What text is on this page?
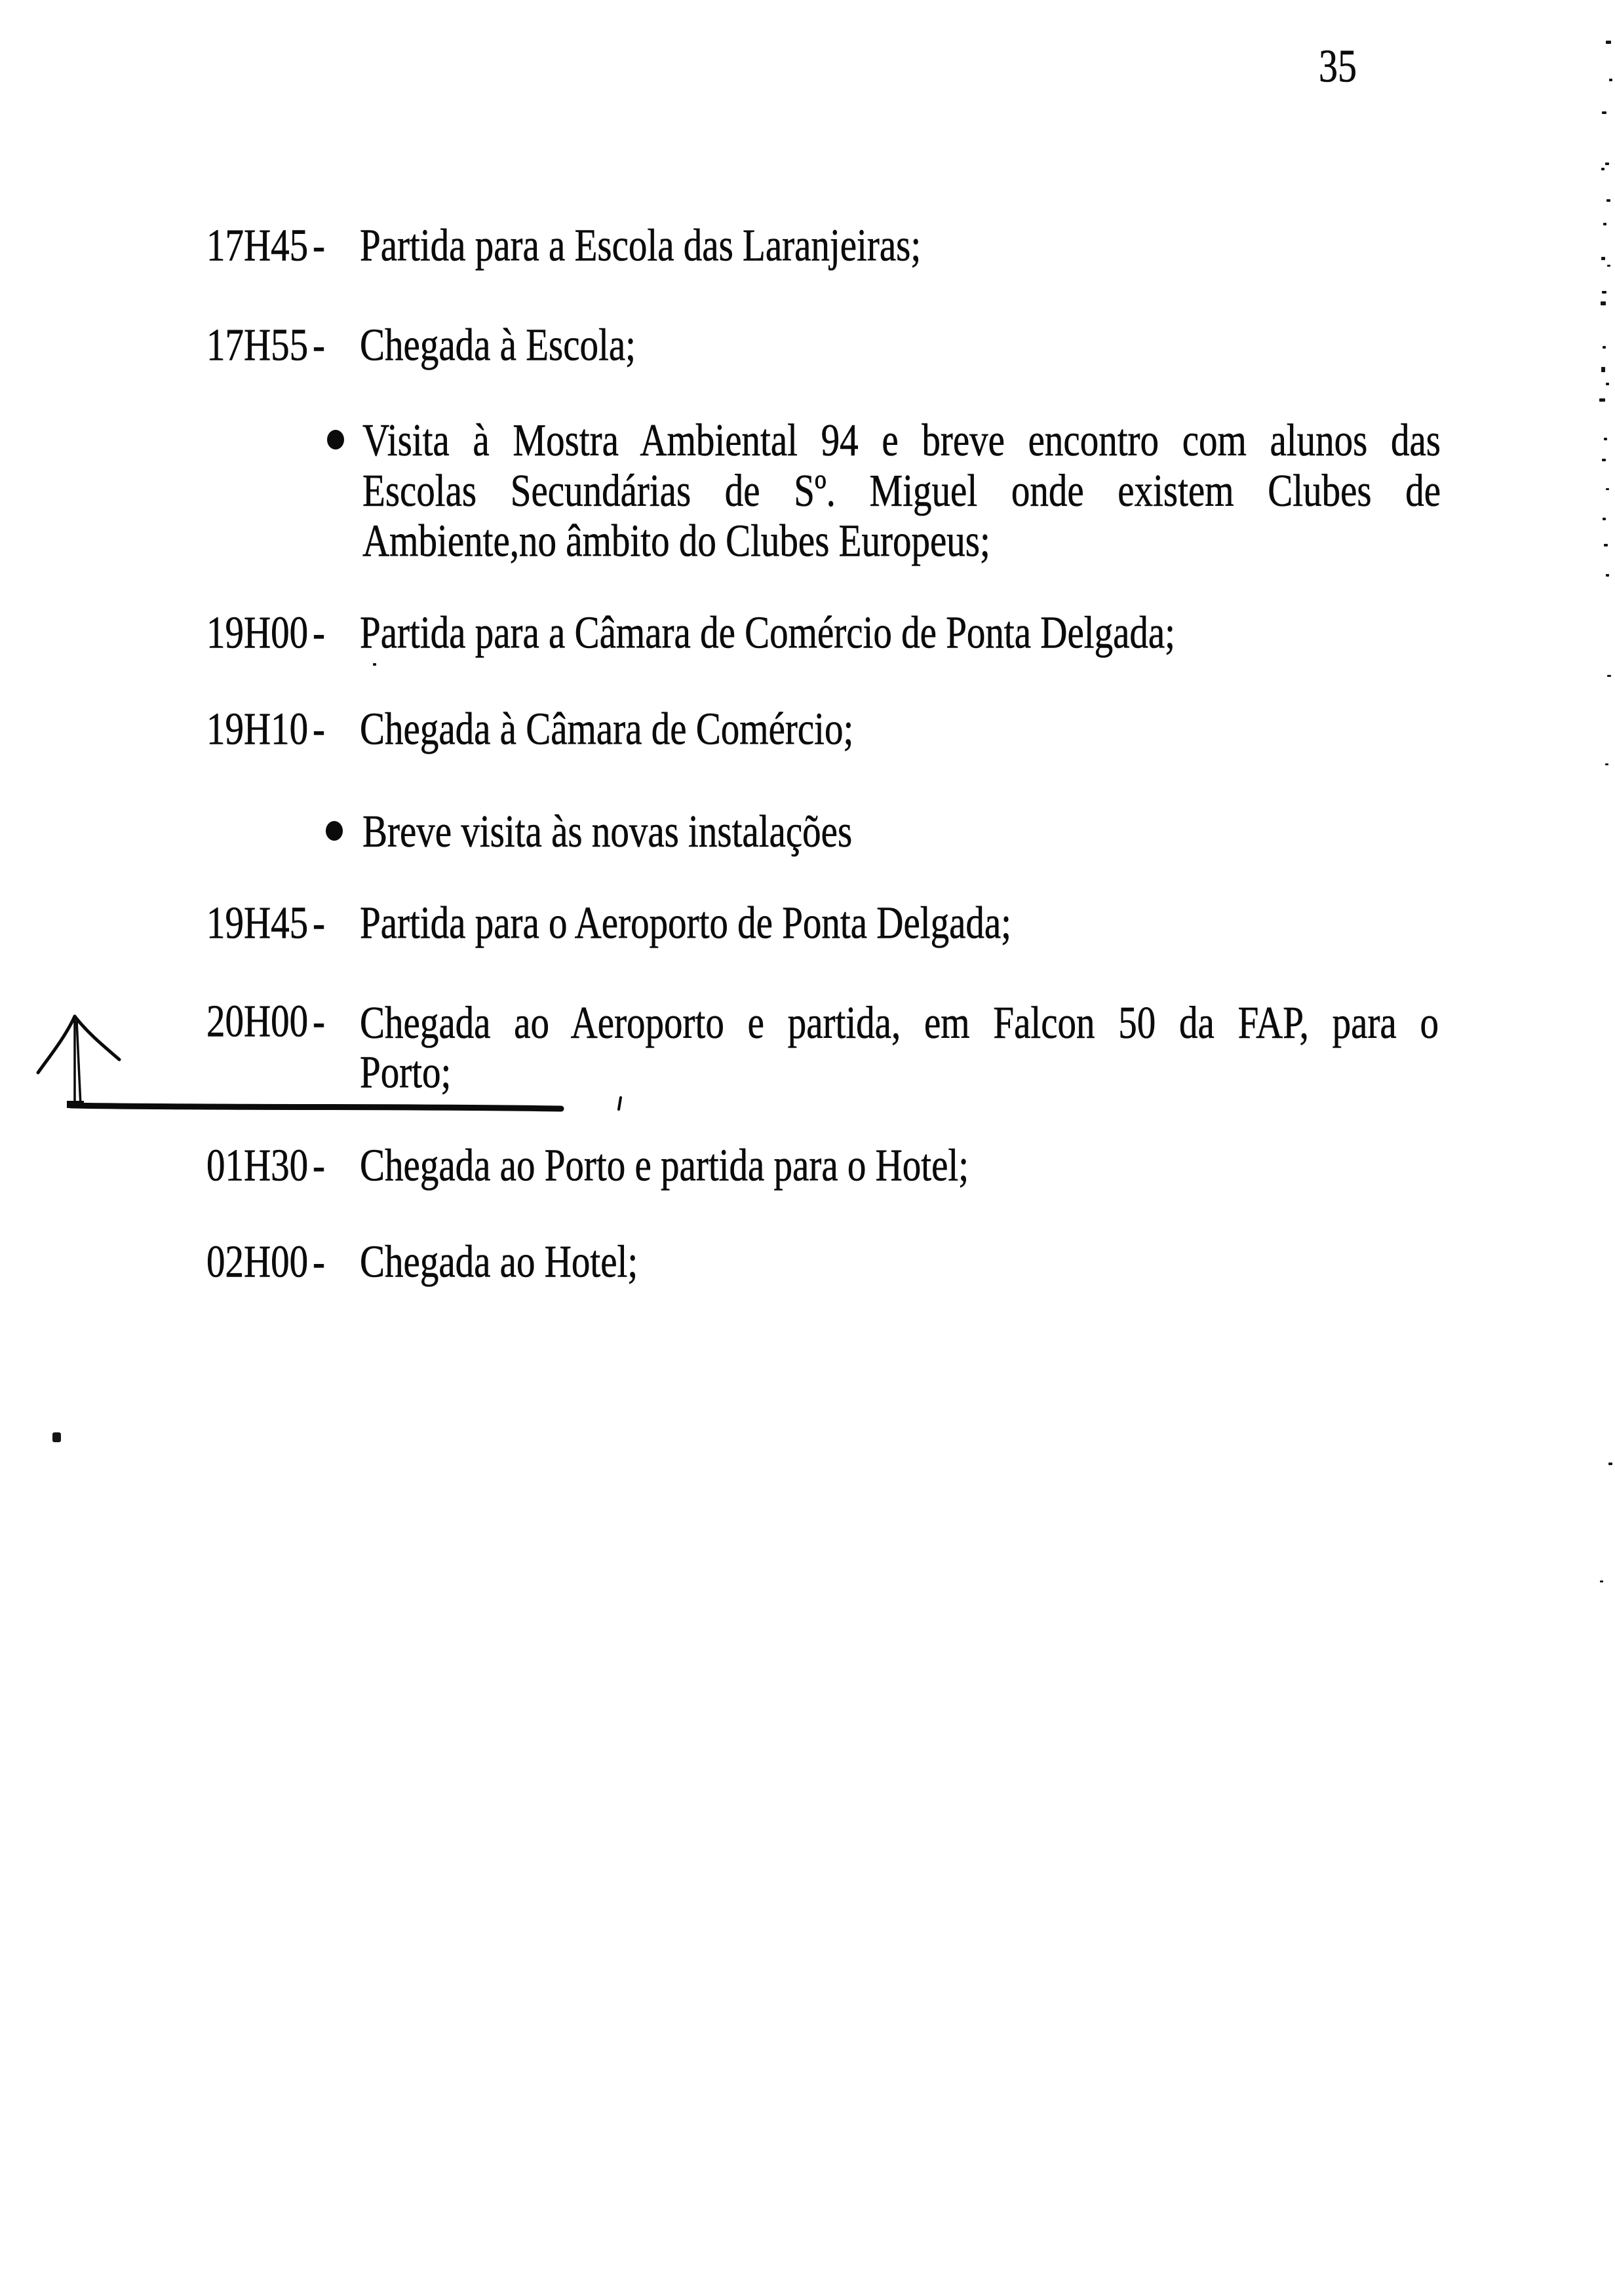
35
17H45 - Partida para a Escola das Laranjeiras;
17H55 - Chegada à Escola;
Visita à Mostra Ambiental 94 e breve encontro com alunos das
Escolas Secundárias de Sº. Miguel onde existem Clubes de
Ambiente,no âmbito do Clubes Europeus;
19H00 - Partida para a Câmara de Comércio de Ponta Delgada;
19H10 - Chegada à Câmara de Comércio;
Breve visita às novas instalações
19H45 - Partida para o Aeroporto de Ponta Delgada;
20H00 - Chegada ao Aeroporto e partida, em Falcon 50 da FAP, para o
Porto;
01H30 - Chegada ao Porto e partida para o Hotel;
02H00 - Chegada ao Hotel;
